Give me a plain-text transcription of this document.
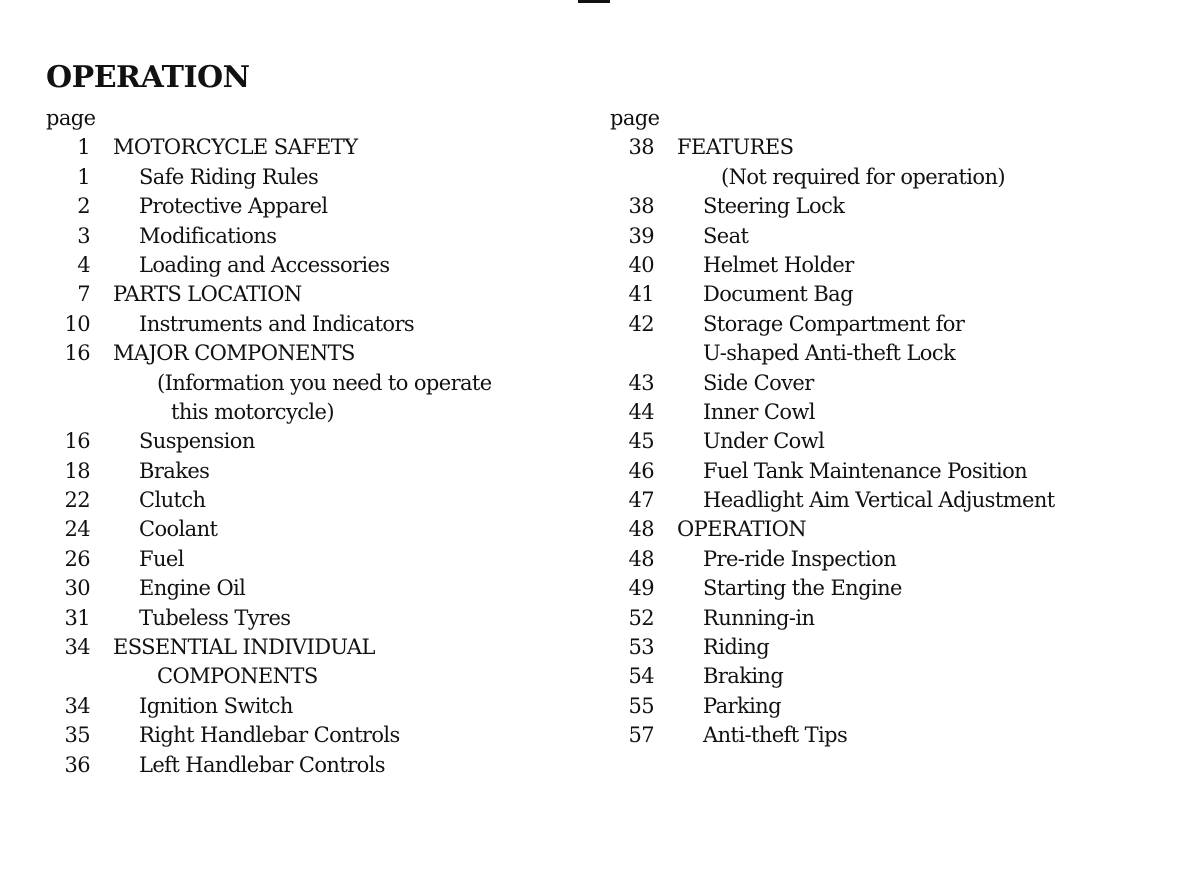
OPERATION
page
1	MOTORCYCLE SAFETY
1	Safe Riding Rules
2	Protective Apparel
3	Modifications
4	Loading and Accessories
7	PARTS LOCATION
10	Instruments and Indicators
16	MAJOR COMPONENTS
(Information you need to operate
this motorcycle)
16	Suspension
18	Brakes
22	Clutch
24	Coolant
26	Fuel
30	Engine Oil
31	Tubeless Tyres
34	ESSENTIAL INDIVIDUAL
COMPONENTS
34	Ignition Switch
35	Right Handlebar Controls
36	Left Handlebar Controls
page
38	FEATURES
(Not required for operation)
38	Steering Lock
39	Seat
40	Helmet Holder
41	Document Bag
42	Storage Compartment for
U-shaped Anti-theft Lock
43	Side Cover
44	Inner Cowl
45	Under Cowl
46	Fuel Tank Maintenance Position
47	Headlight Aim Vertical Adjustment
48	OPERATION
48	Pre-ride Inspection
49	Starting the Engine
52	Running-in
53	Riding
54	Braking
55	Parking
57	Anti-theft Tips
